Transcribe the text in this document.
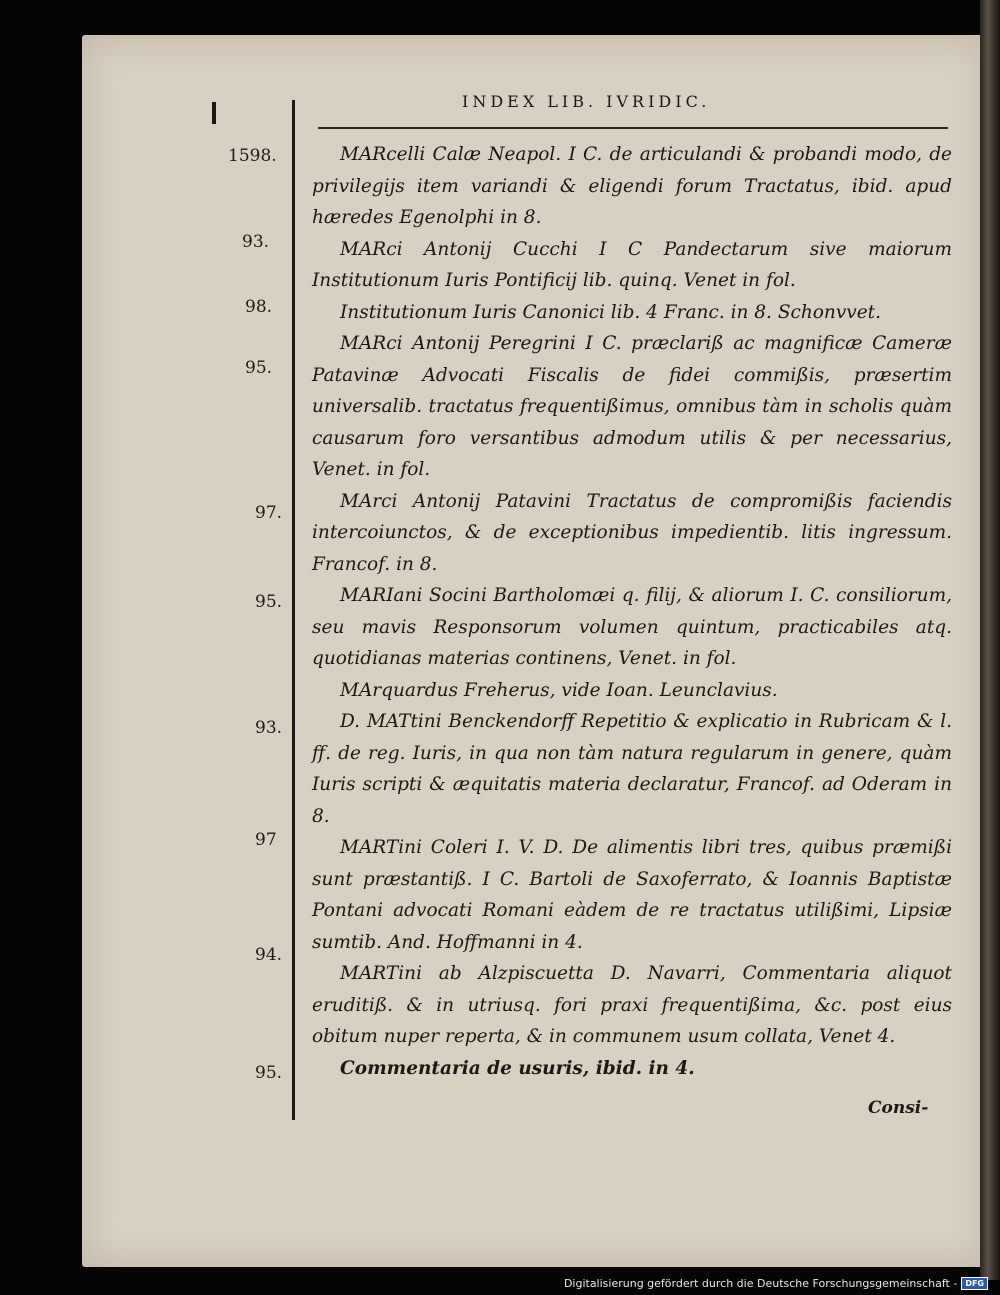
INDEX LIB. IVRIDIC.
1598.
93.
98.
95.
97.
95.
93.
97
94.
95.

MARcelli Calæ Neapol. I C. de articulandi & probandi modo, de privilegijs item variandi & eligendi forum Tractatus, ibid. apud hæredes Egenolphi in 8.

MARci Antonij Cucchi I C Pandectarum sive maiorum Institutionum Iuris Pontificij lib. quinq. Venet in fol.

Institutionum Iuris Canonici lib. 4 Franc. in 8. Schonvvet.

MARci Antonij Peregrini I C. præclariß ac magnificæ Cameræ Patavinæ Advocati Fiscalis de fidei commißis, præsertim universalib. tractatus frequentißimus, omnibus tàm in scholis quàm causarum foro versantibus admodum utilis & per necessarius, Venet. in fol.

MArci Antonij Patavini Tractatus de compromißis faciendis intercoiunctos, & de exceptionibus impedientib. litis ingressum. Francof. in 8.

MARIani Socini Bartholomæi q. filij, & aliorum I. C. consiliorum, seu mavis Responsorum volumen quintum, practicabiles atq. quotidianas materias continens, Venet. in fol.

MArquardus Freherus, vide Ioan. Leunclavius.

D. MATtini Benckendorff Repetitio & explicatio in Rubricam & l. ff. de reg. Iuris, in qua non tàm natura regularum in genere, quàm Iuris scripti & æquitatis materia declaratur, Francof. ad Oderam in 8.

MARTini Coleri I. V. D. De alimentis libri tres, quibus præmißi sunt præstantiß. I C. Bartoli de Saxoferrato, & Ioannis Baptistæ Pontani advocati Romani eàdem de re tractatus utilißimi, Lipsiæ sumtib. And. Hoffmanni in 4.

MARTini ab Alzpiscuetta D. Navarri, Commentaria aliquot eruditiß. & in utriusq. fori praxi frequentißima, &c. post eius obitum nuper reperta, & in communem usum collata, Venet 4.

Commentaria de usuris, ibid. in 4.

Consi-
Digitalisierung gefördert durch die Deutsche Forschungsgemeinschaft -	DFG
